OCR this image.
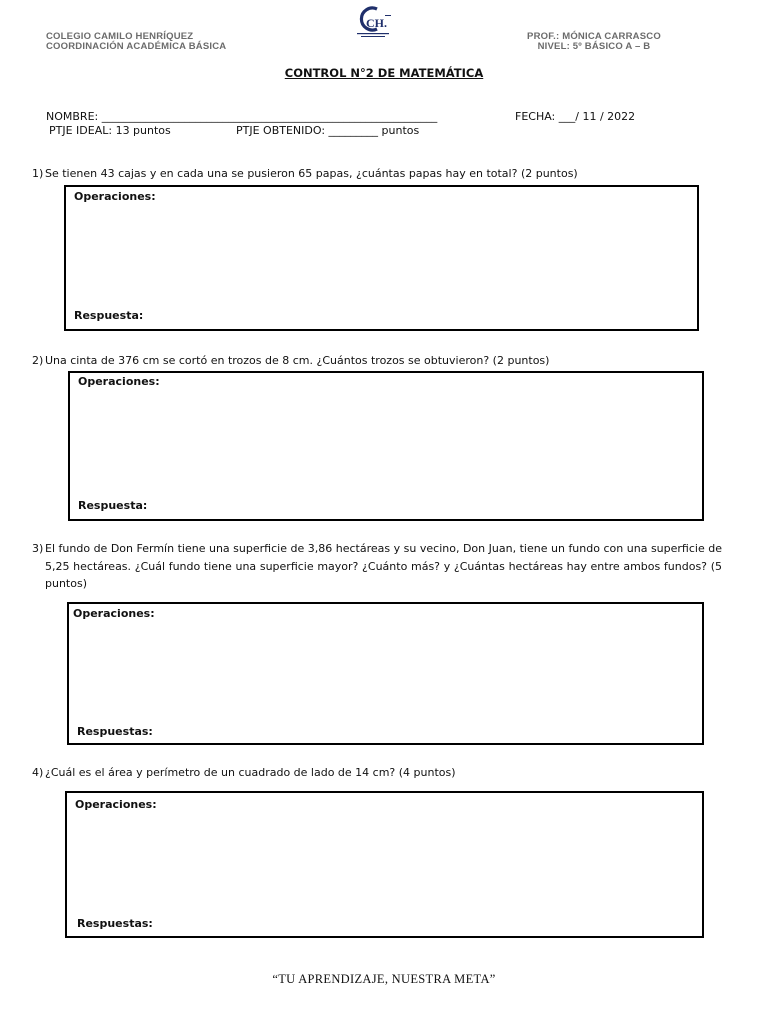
COLEGIO CAMILO HENRÍQUEZ
COORDINACIÓN ACADÉMICA BÁSICA
CH.
PROF.: MÓNICA CARRASCO
NIVEL: 5º BÁSICO A – B
CONTROL N°2 DE MATEMÁTICA
NOMBRE: _____________________________________________________________	FECHA: ___/ 11 / 2022
PTJE IDEAL: 13 puntos	PTJE OBTENIDO: _________ puntos
1) Se tienen 43 cajas y en cada una se pusieron 65 papas, ¿cuántas papas hay en total? (2 puntos)
Operaciones:
Respuesta:
2) Una cinta de 376 cm se cortó en trozos de 8 cm. ¿Cuántos trozos se obtuvieron? (2 puntos)
Operaciones:
Respuesta:
3) El fundo de Don Fermín tiene una superficie de 3,86 hectáreas y su vecino, Don Juan, tiene un fundo con una superficie de 5,25 hectáreas. ¿Cuál fundo tiene una superficie mayor? ¿Cuánto más? y ¿Cuántas hectáreas hay entre ambos fundos? (5 puntos)
Operaciones:
Respuestas:
4) ¿Cuál es el área y perímetro de un cuadrado de lado de 14 cm? (4 puntos)
Operaciones:
Respuestas:
“TU APRENDIZAJE, NUESTRA META”
